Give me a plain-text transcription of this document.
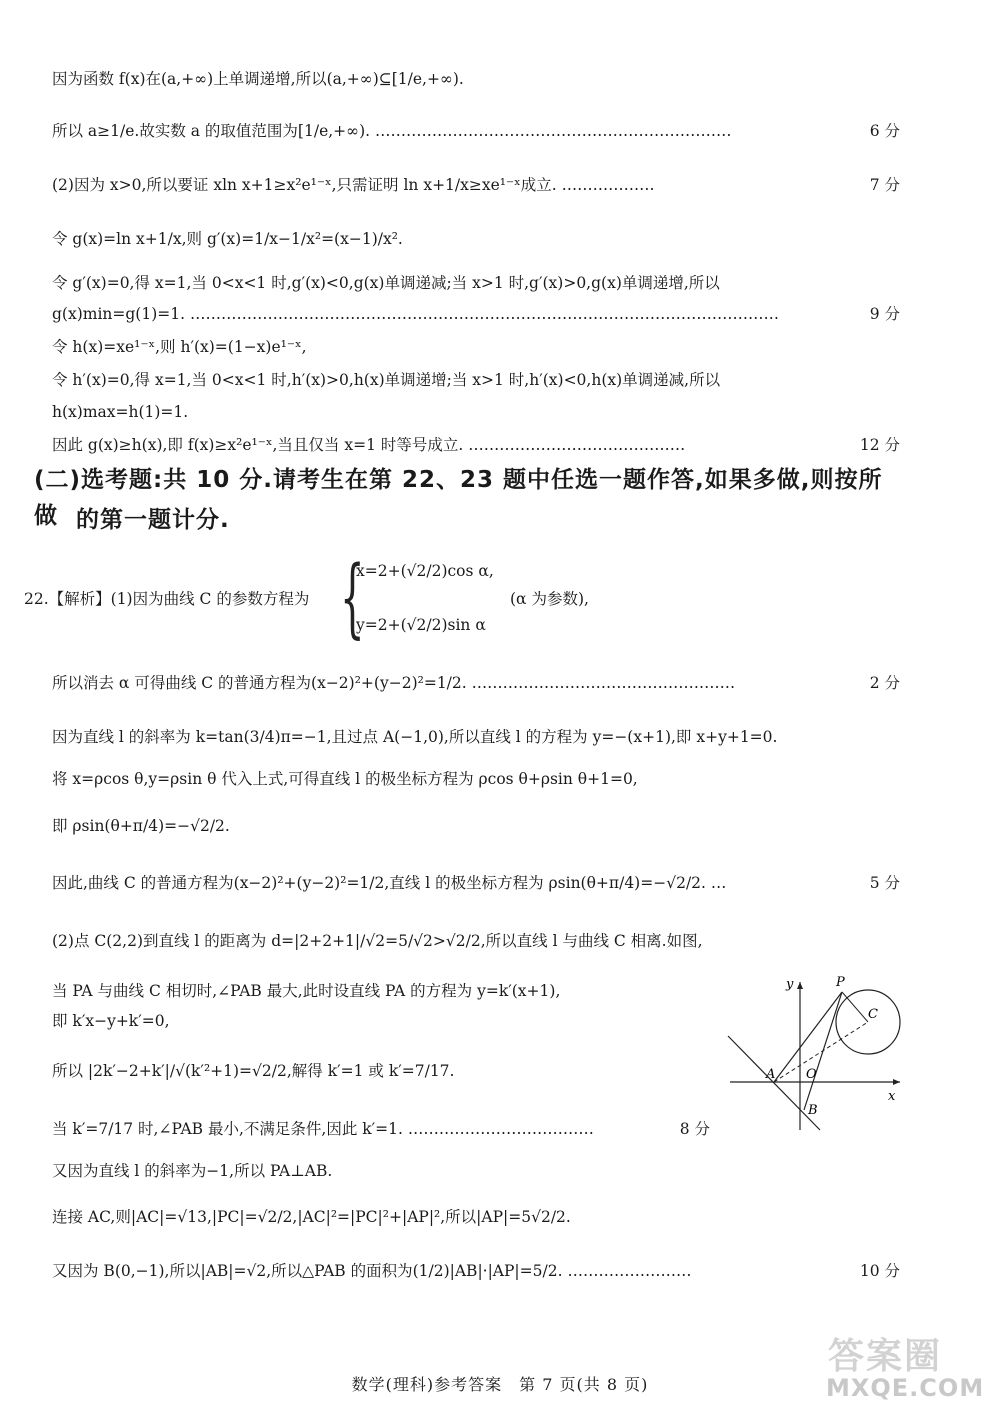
因为函数 f(x)在(a,+∞)上单调递增,所以(a,+∞)⊆[1/e,+∞).
所以 a≥1/e.故实数 a 的取值范围为[1/e,+∞). ……………………………………………………………	6 分
(2)因为 x>0,所以要证 xln x+1≥x²e¹⁻ˣ,只需证明 ln x+1/x≥xe¹⁻ˣ成立. ………………	7 分
令 g(x)=ln x+1/x,则 g′(x)=1/x−1/x²=(x−1)/x².
令 g′(x)=0,得 x=1,当 0<x<1 时,g′(x)<0,g(x)单调递减;当 x>1 时,g′(x)>0,g(x)单调递增,所以
g(x)min=g(1)=1. ……………………………………………………………………………………………………	9 分
令 h(x)=xe¹⁻ˣ,则 h′(x)=(1−x)e¹⁻ˣ,
令 h′(x)=0,得 x=1,当 0<x<1 时,h′(x)>0,h(x)单调递增;当 x>1 时,h′(x)<0,h(x)单调递减,所以
h(x)max=h(1)=1.
因此 g(x)≥h(x),即 f(x)≥x²e¹⁻ˣ,当且仅当 x=1 时等号成立. ……………………………………	12 分
(二)选考题:共 10 分.请考生在第 22、23 题中任选一题作答,如果多做,则按所做 的第一题计分.
22.【解析】(1)因为曲线 C 的参数方程为 {
x=2+(√2/2)cos α,
y=2+(√2/2)sin α
(α 为参数),
所以消去 α 可得曲线 C 的普通方程为(x−2)²+(y−2)²=1/2. ……………………………………………	2 分
因为直线 l 的斜率为 k=tan(3/4)π=−1,且过点 A(−1,0),所以直线 l 的方程为 y=−(x+1),即 x+y+1=0.
将 x=ρcos θ,y=ρsin θ 代入上式,可得直线 l 的极坐标方程为 ρcos θ+ρsin θ+1=0,
即 ρsin(θ+π/4)=−√2/2.
因此,曲线 C 的普通方程为(x−2)²+(y−2)²=1/2,直线 l 的极坐标方程为 ρsin(θ+π/4)=−√2/2. …	5 分
(2)点 C(2,2)到直线 l 的距离为 d=|2+2+1|/√2=5/√2>√2/2,所以直线 l 与曲线 C 相离.如图,
当 PA 与曲线 C 相切时,∠PAB 最大,此时设直线 PA 的方程为 y=k′(x+1),
即 k′x−y+k′=0,
所以 |2k′−2+k′|/√(k′²+1)=√2/2,解得 k′=1 或 k′=7/17.
当 k′=7/17 时,∠PAB 最小,不满足条件,因此 k′=1. ………………………………	8 分
又因为直线 l 的斜率为−1,所以 PA⊥AB.
连接 AC,则|AC|=√13,|PC|=√2/2,|AC|²=|PC|²+|AP|²,所以|AP|=5√2/2.
又因为 B(0,−1),所以|AB|=√2,所以△PAB 的面积为(1/2)|AB|·|AP|=5/2. ……………………	10 分
y
x
P
C
A O
B
数学(理科)参考答案　第 7 页(共 8 页)
答案圈
MXQE.COM
